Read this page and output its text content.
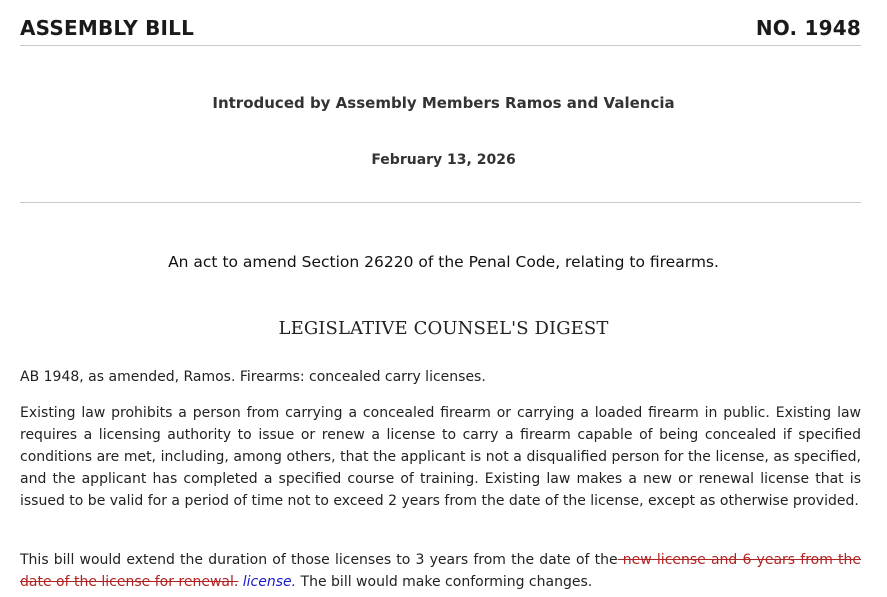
ASSEMBLY BILL	NO. 1948
Introduced by Assembly Members Ramos and Valencia
February 13, 2026
An act to amend Section 26220 of the Penal Code, relating to firearms.
LEGISLATIVE COUNSEL'S DIGEST

AB 1948, as amended, Ramos. Firearms: concealed carry licenses.

Existing law prohibits a person from carrying a concealed firearm or carrying a loaded firearm in public. Existing law requires a licensing authority to issue or renew a license to carry a firearm capable of being concealed if specified conditions are met, including, among others, that the applicant is not a disqualified person for the license, as specified, and the applicant has completed a specified course of training. Existing law makes a new or renewal license that is issued to be valid for a period of time not to exceed 2 years from the date of the license, except as otherwise provided.

This bill would extend the duration of those licenses to 3 years from the date of the new license and 6 years from the date of the license for renewal. license. The bill would make conforming changes.
